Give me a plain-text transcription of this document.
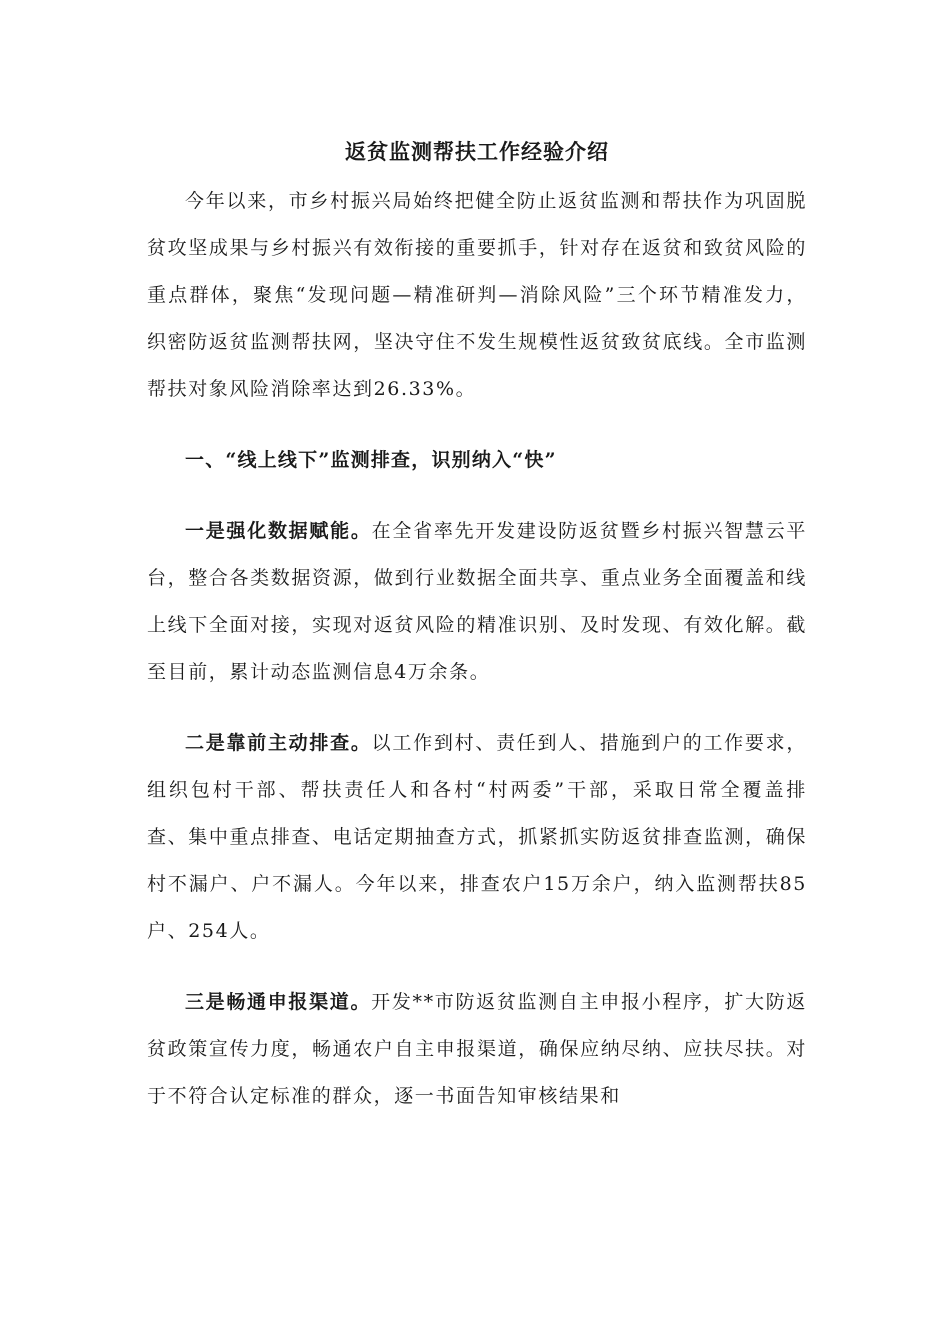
返贫监测帮扶工作经验介绍

今年以来，市乡村振兴局始终把健全防止返贫监测和帮扶作为巩固脱贫攻坚成果与乡村振兴有效衔接的重要抓手，针对存在返贫和致贫风险的重点群体，聚焦“发现问题—精准研判—消除风险”三个环节精准发力，织密防返贫监测帮扶网，坚决守住不发生规模性返贫致贫底线。全市监测帮扶对象风险消除率达到26.33%。

一、“线上线下”监测排查，识别纳入“快”

一是强化数据赋能。在全省率先开发建设防返贫暨乡村振兴智慧云平台，整合各类数据资源，做到行业数据全面共享、重点业务全面覆盖和线上线下全面对接，实现对返贫风险的精准识别、及时发现、有效化解。截至目前，累计动态监测信息4万余条。

二是靠前主动排查。以工作到村、责任到人、措施到户的工作要求，组织包村干部、帮扶责任人和各村“村两委”干部，采取日常全覆盖排查、集中重点排查、电话定期抽查方式，抓紧抓实防返贫排查监测，确保村不漏户、户不漏人。今年以来，排查农户15万余户，纳入监测帮扶85户、254人。

三是畅通申报渠道。开发**市防返贫监测自主申报小程序，扩大防返贫政策宣传力度，畅通农户自主申报渠道，确保应纳尽纳、应扶尽扶。对于不符合认定标准的群众，逐一书面告知审核结果和
